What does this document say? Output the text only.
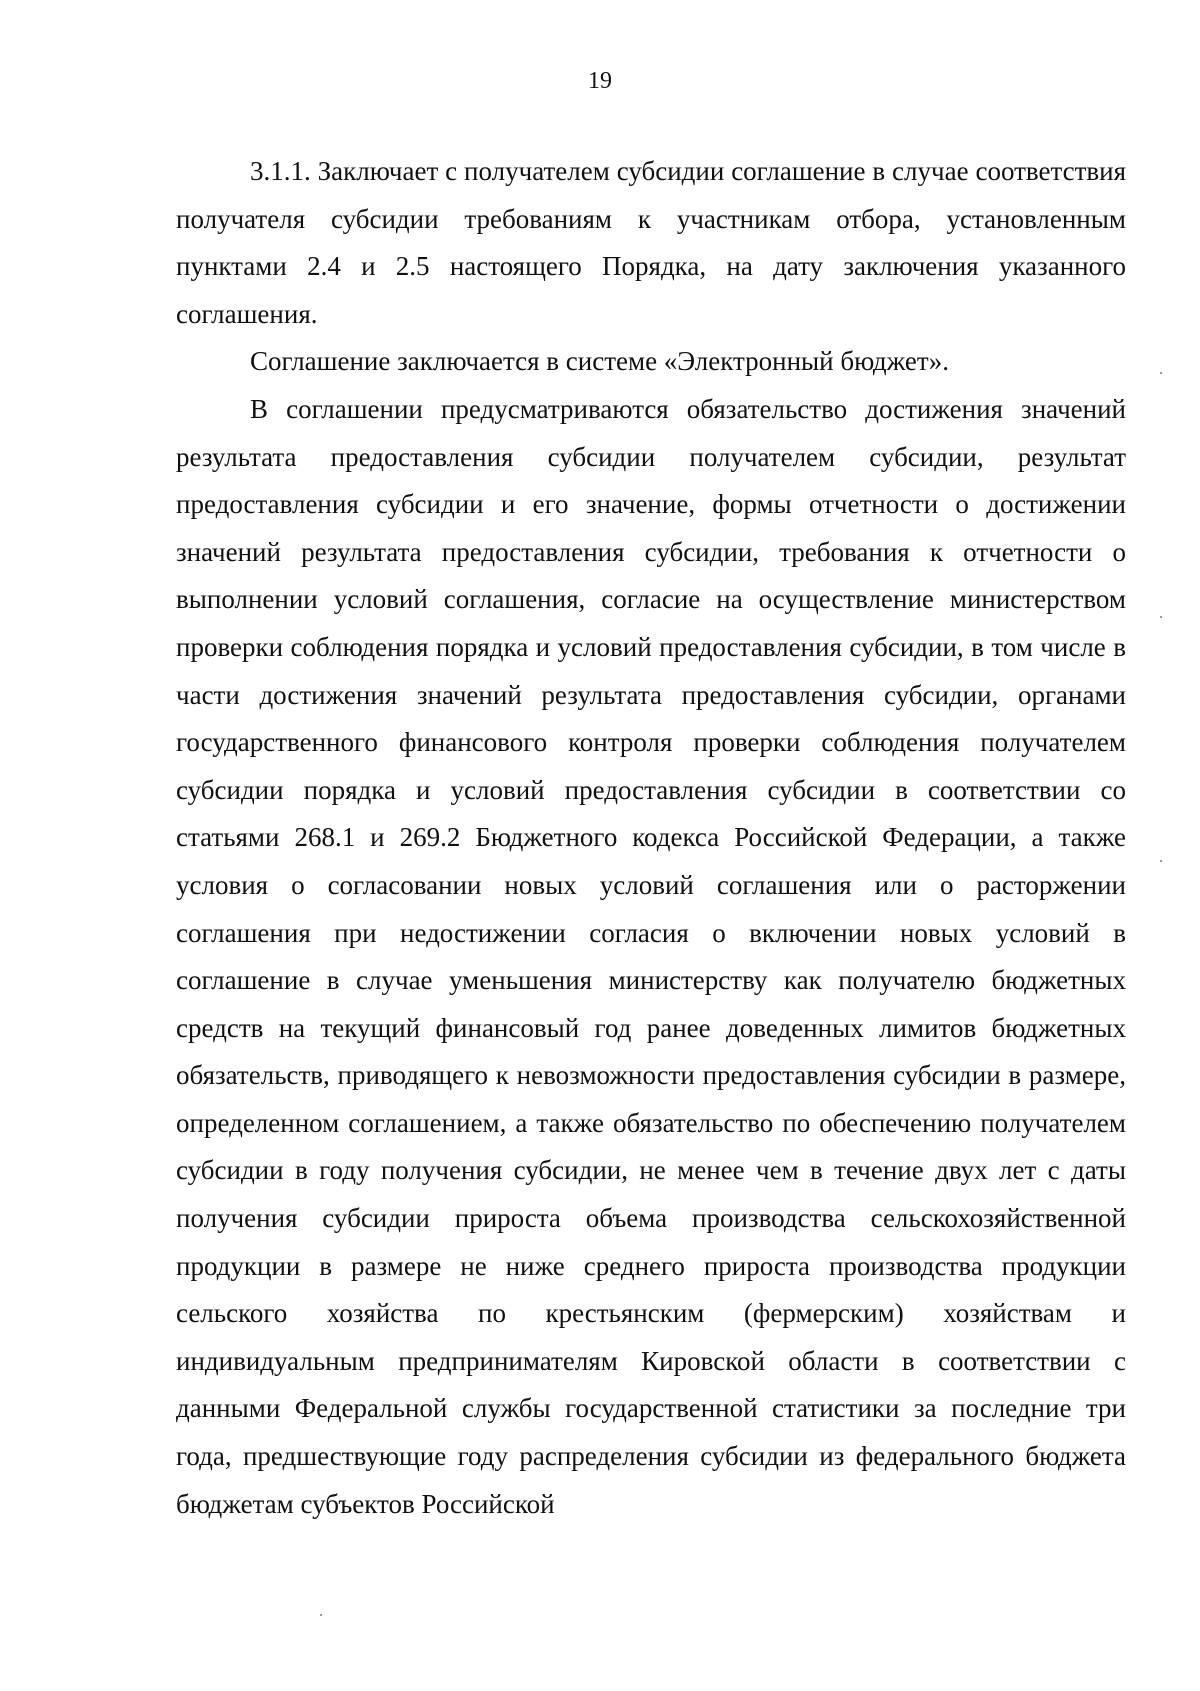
19

3.1.1. Заключает с получателем субсидии соглашение в случае соответствия получателя субсидии требованиям к участникам отбора, установленным пунктами 2.4 и 2.5 настоящего Порядка, на дату заключения указанного соглашения.

Соглашение заключается в системе «Электронный бюджет».

В соглашении предусматриваются обязательство достижения значений результата предоставления субсидии получателем субсидии, результат предоставления субсидии и его значение, формы отчетности о достижении значений результата предоставления субсидии, требования к отчетности о выполнении условий соглашения, согласие на осуществление министерством проверки соблюдения порядка и условий предоставления субсидии, в том числе в части достижения значений результата предоставления субсидии, органами государственного финансового контроля проверки соблюдения получателем субсидии порядка и условий предоставления субсидии в соответствии со статьями 268.1 и 269.2 Бюджетного кодекса Российской Федерации, а также условия о согласовании новых условий соглашения или о расторжении соглашения при недостижении согласия о включении новых условий в соглашение в случае уменьшения министерству как получателю бюджетных средств на текущий финансовый год ранее доведенных лимитов бюджетных обязательств, приводящего к невозможности предоставления субсидии в размере, определенном соглашением, а также обязательство по обеспечению получателем субсидии в году получения субсидии, не менее чем в течение двух лет с даты получения субсидии прироста объема производства сельскохозяйственной продукции в размере не ниже среднего прироста производства продукции сельского хозяйства по крестьянским (фермерским) хозяйствам и индивидуальным предпринимателям Кировской области в соответствии с данными Федеральной службы государственной статистики за последние три года, предшествующие году распределения субсидии из федерального бюджета бюджетам субъектов Российской
